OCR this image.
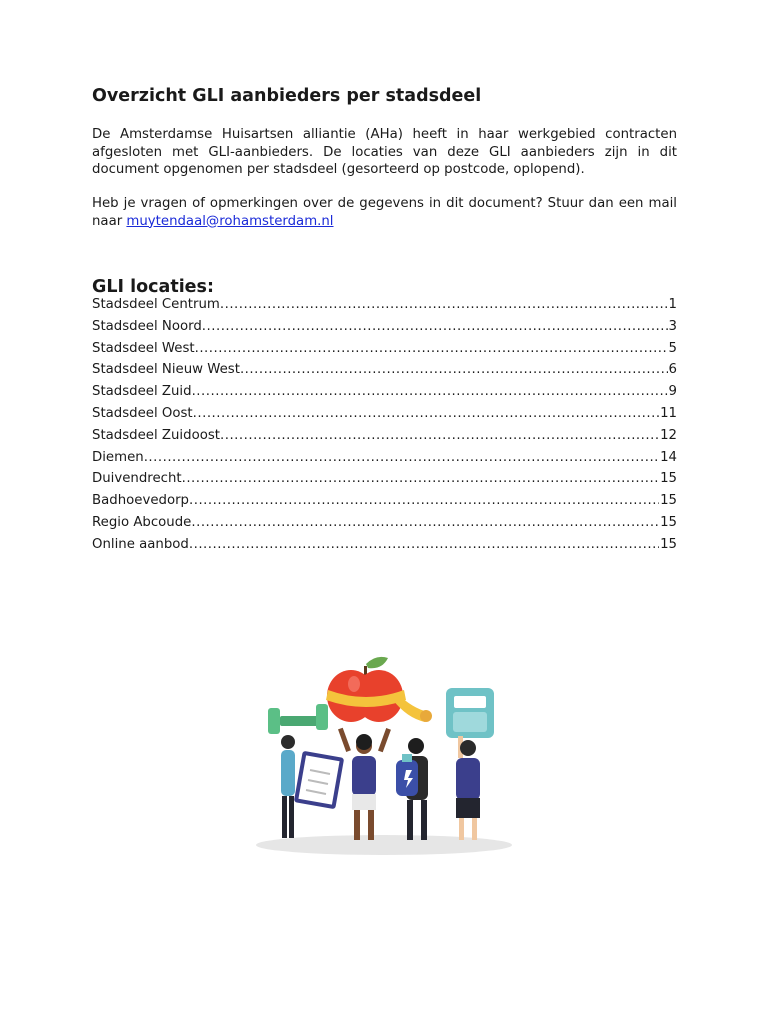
Overzicht GLI aanbieders per stadsdeel

De Amsterdamse Huisartsen alliantie (AHa) heeft in haar werkgebied contracten afgesloten met GLI-aanbieders. De locaties van deze GLI aanbieders zijn in dit document opgenomen per stadsdeel (gesorteerd op postcode, oplopend).

Heb je vragen of opmerkingen over de gegevens in dit document? Stuur dan een mail naar muytendaal@rohamsterdam.nl

GLI locaties:
Stadsdeel Centrum .....	1
Stadsdeel Noord .....	3
Stadsdeel West .....	5
Stadsdeel Nieuw West .....	6
Stadsdeel Zuid .....	9
Stadsdeel Oost .....	11
Stadsdeel Zuidoost .....	12
Diemen .....	14
Duivendrecht .....	15
Badhoevedorp .....	15
Regio Abcoude .....	15
Online aanbod .....	15
